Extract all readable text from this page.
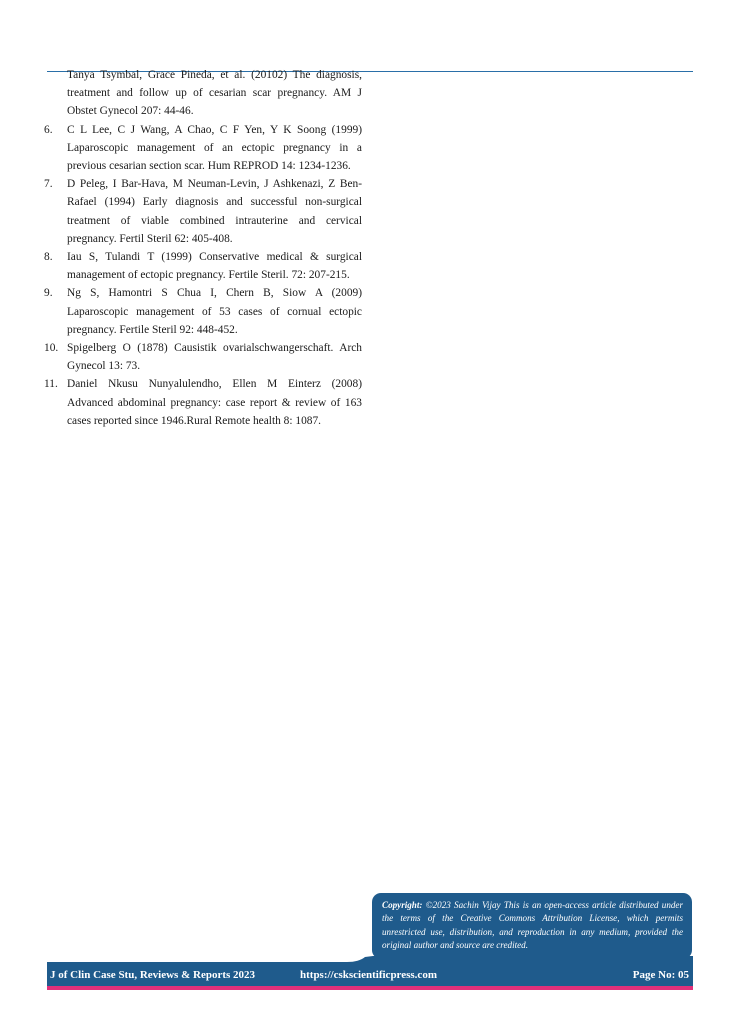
Tanya Tsymbal, Grace Pineda, et al. (20102) The diagnosis, treatment and follow up of cesarian scar pregnancy. AM J Obstet Gynecol 207: 44-46.
6.	C L Lee, C J Wang, A Chao, C F Yen, Y K Soong (1999) Laparoscopic management of an ectopic pregnancy in a previous cesarian section scar. Hum REPROD 14: 1234-1236.
7.	D Peleg, I Bar-Hava, M Neuman-Levin, J Ashkenazi, Z Ben-Rafael (1994) Early diagnosis and successful non-surgical treatment of viable combined intrauterine and cervical pregnancy. Fertil Steril 62: 405-408.
8.	Iau S, Tulandi T (1999) Conservative medical & surgical management of ectopic pregnancy. Fertile Steril. 72: 207-215.
9.	Ng S, Hamontri S Chua I, Chern B, Siow A (2009) Laparoscopic management of 53 cases of cornual ectopic pregnancy. Fertile Steril 92: 448-452.
10. Spigelberg O (1878) Causistik ovarialschwangerschaft. Arch Gynecol 13: 73.
11. Daniel Nkusu Nunyalulendho, Ellen M Einterz (2008) Advanced abdominal pregnancy: case report & review of 163 cases reported since 1946.Rural Remote health 8: 1087.
Copyright: ©2023 Sachin Vijay This is an open-access article distributed under the terms of the Creative Commons Attribution License, which permits unrestricted use, distribution, and reproduction in any medium, provided the original author and source are credited.
J of Clin Case Stu, Reviews & Reports 2023	https://cskscientificpress.com	Page No: 05
